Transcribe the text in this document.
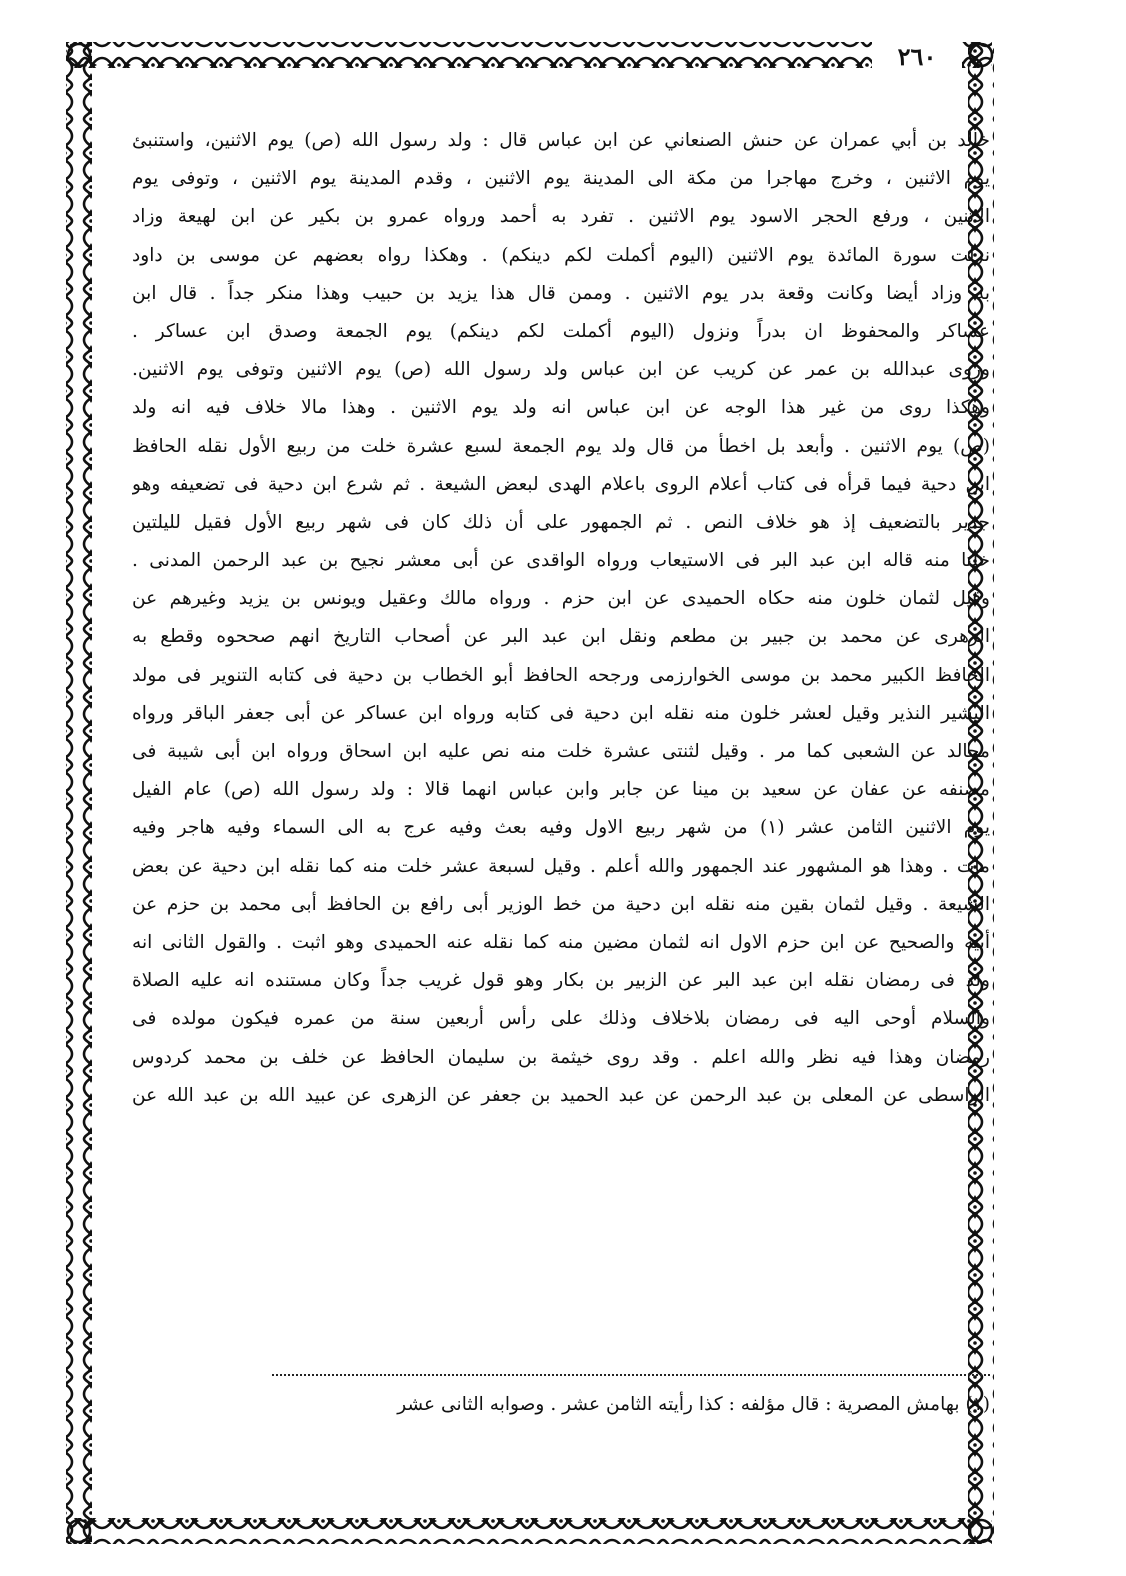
٢٦٠
خالد بن أبي عمران عن حنش الصنعاني عن ابن عباس قال : ولد رسول الله (ص) يوم الاثنين، واستنبئ
يوم الاثنين ، وخرج مهاجرا من مكة الى المدينة يوم الاثنين ، وقدم المدينة يوم الاثنين ، وتوفى يوم
الاثنين ، ورفع الحجر الاسود يوم الاثنين . تفرد به أحمد ورواه عمرو بن بكير عن ابن لهيعة وزاد
نزلت سورة المائدة يوم الاثنين (اليوم أكملت لكم دينكم) . وهكذا رواه بعضهم عن موسى بن داود
به وزاد أيضا وكانت وقعة بدر يوم الاثنين . وممن قال هذا يزيد بن حبيب وهذا منكر جداً . قال ابن
عساكر والمحفوظ ان بدراً ونزول (اليوم أكملت لكم دينكم) يوم الجمعة وصدق ابن عساكر .
وروى عبدالله بن عمر عن كريب عن ابن عباس ولد رسول الله (ص) يوم الاثنين وتوفى يوم الاثنين.
وهكذا روى من غير هذا الوجه عن ابن عباس انه ولد يوم الاثنين . وهذا مالا خلاف فيه انه ولد
(ص) يوم الاثنين . وأبعد بل اخطأ من قال ولد يوم الجمعة لسبع عشرة خلت من ربيع الأول نقله الحافظ
ابن دحية فيما قرأه فى كتاب أعلام الروى باعلام الهدى لبعض الشيعة . ثم شرع ابن دحية فى تضعيفه وهو
جدير بالتضعيف إذ هو خلاف النص . ثم الجمهور على أن ذلك كان فى شهر ربيع الأول فقيل لليلتين
خلتا منه قاله ابن عبد البر فى الاستيعاب ورواه الواقدى عن أبى معشر نجيح بن عبد الرحمن المدنى .
وقيل لثمان خلون منه حكاه الحميدى عن ابن حزم . ورواه مالك وعقيل ويونس بن يزيد وغيرهم عن
الزهرى عن محمد بن جبير بن مطعم ونقل ابن عبد البر عن أصحاب التاريخ انهم صححوه وقطع به
الحافظ الكبير محمد بن موسى الخوارزمى ورجحه الحافظ أبو الخطاب بن دحية فى كتابه التنوير فى مولد
البشير النذير وقيل لعشر خلون منه نقله ابن دحية فى كتابه ورواه ابن عساكر عن أبى جعفر الباقر ورواه
مجالد عن الشعبى كما مر . وقيل لثنتى عشرة خلت منه نص عليه ابن اسحاق ورواه ابن أبى شيبة فى
مصنفه عن عفان عن سعيد بن مينا عن جابر وابن عباس انهما قالا : ولد رسول الله (ص) عام الفيل
يوم الاثنين الثامن عشر (١) من شهر ربيع الاول وفيه بعث وفيه عرج به الى السماء وفيه هاجر وفيه
مات . وهذا هو المشهور عند الجمهور والله أعلم . وقيل لسبعة عشر خلت منه كما نقله ابن دحية عن بعض
الشيعة . وقيل لثمان بقين منه نقله ابن دحية من خط الوزير أبى رافع بن الحافظ أبى محمد بن حزم عن
أبيه والصحيح عن ابن حزم الاول انه لثمان مضين منه كما نقله عنه الحميدى وهو اثبت . والقول الثانى انه
ولد فى رمضان نقله ابن عبد البر عن الزبير بن بكار وهو قول غريب جداً وكان مستنده انه عليه الصلاة
والسلام أوحى اليه فى رمضان بلاخلاف وذلك على رأس أربعين سنة من عمره فيكون مولده فى
رمضان وهذا فيه نظر والله اعلم . وقد روى خيثمة بن سليمان الحافظ عن خلف بن محمد كردوس
الواسطى عن المعلى بن عبد الرحمن عن عبد الحميد بن جعفر عن الزهرى عن عبيد الله بن عبد الله عن
(١) بهامش المصرية : قال مؤلفه : كذا رأيته الثامن عشر . وصوابه الثانى عشر
